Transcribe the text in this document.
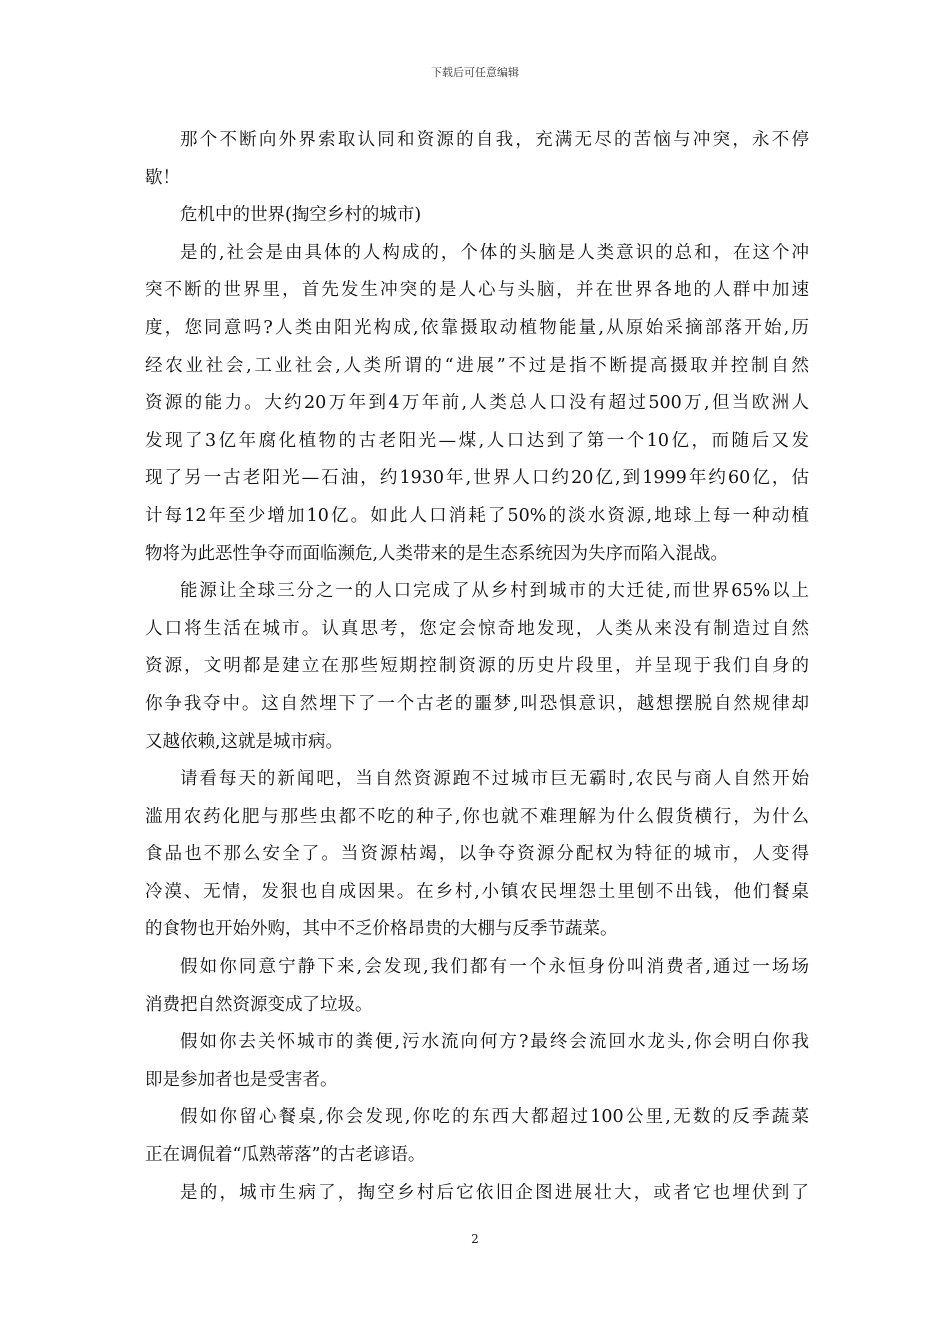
下载后可任意编辑
那个不断向外界索取认同和资源的自我，充满无尽的苦恼与冲突，永不停
歇！
危机中的世界(掏空乡村的城市)
是的,社会是由具体的人构成的，个体的头脑是人类意识的总和，在这个冲
突不断的世界里，首先发生冲突的是人心与头脑，并在世界各地的人群中加速
度，您同意吗?人类由阳光构成,依靠摄取动植物能量,从原始采摘部落开始,历
经农业社会,工业社会,人类所谓的“进展”不过是指不断提高摄取并控制自然
资源的能力。大约20万年到4万年前,人类总人口没有超过500万,但当欧洲人
发现了3亿年腐化植物的古老阳光—煤,人口达到了第一个10亿，而随后又发
现了另一古老阳光—石油，约1930年,世界人口约20亿,到1999年约60亿，估
计每12年至少增加10亿。如此人口消耗了50%的淡水资源,地球上每一种动植
物将为此恶性争夺而面临濒危,人类带来的是生态系统因为失序而陷入混战。
能源让全球三分之一的人口完成了从乡村到城市的大迁徒,而世界65%以上
人口将生活在城市。认真思考，您定会惊奇地发现，人类从来没有制造过自然
资源，文明都是建立在那些短期控制资源的历史片段里，并呈现于我们自身的
你争我夺中。这自然埋下了一个古老的噩梦,叫恐惧意识，越想摆脱自然规律却
又越依赖,这就是城市病。
请看每天的新闻吧，当自然资源跑不过城市巨无霸时,农民与商人自然开始
滥用农药化肥与那些虫都不吃的种子,你也就不难理解为什么假货横行，为什么
食品也不那么安全了。当资源枯竭，以争夺资源分配权为特征的城市，人变得
冷漠、无情，发狠也自成因果。在乡村,小镇农民埋怨土里刨不出钱，他们餐桌
的食物也开始外购，其中不乏价格昂贵的大棚与反季节蔬菜。
假如你同意宁静下来,会发现,我们都有一个永恒身份叫消费者,通过一场场
消费把自然资源变成了垃圾。
假如你去关怀城市的粪便,污水流向何方?最终会流回水龙头,你会明白你我
即是参加者也是受害者。
假如你留心餐桌,你会发现,你吃的东西大都超过100公里,无数的反季蔬菜
正在调侃着“瓜熟蒂落”的古老谚语。
是的，城市生病了，掏空乡村后它依旧企图进展壮大，或者它也埋伏到了
2
